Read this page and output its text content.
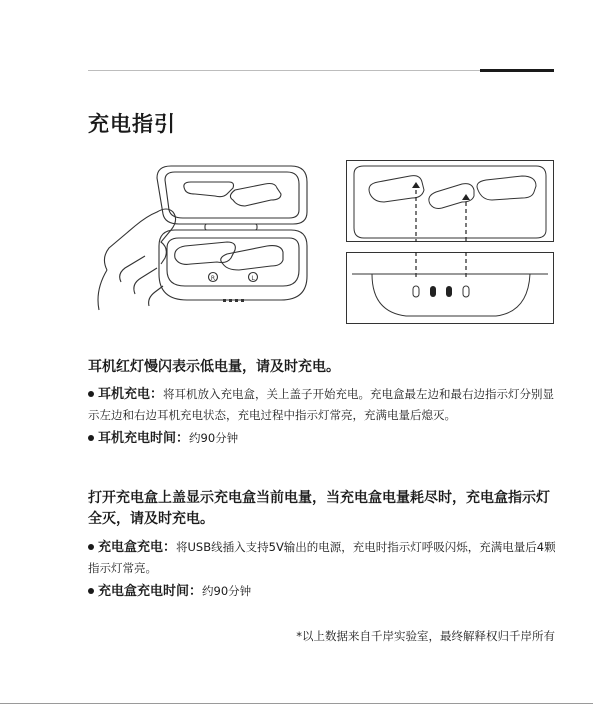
充电指引
R	L
耳机红灯慢闪表示低电量，请及时充电。
耳机充电：将耳机放入充电盒，关上盖子开始充电。充电盒最左边和最右边指示灯分别显示左边和右边耳机充电状态，充电过程中指示灯常亮，充满电量后熄灭。
耳机充电时间：约90分钟
打开充电盒上盖显示充电盒当前电量，当充电盒电量耗尽时，充电盒指示灯全灭，请及时充电。
充电盒充电：将USB线插入支持5V输出的电源，充电时指示灯呼吸闪烁，充满电量后4颗指示灯常亮。
充电盒充电时间：约90分钟
*以上数据来自千岸实验室，最终解释权归千岸所有
